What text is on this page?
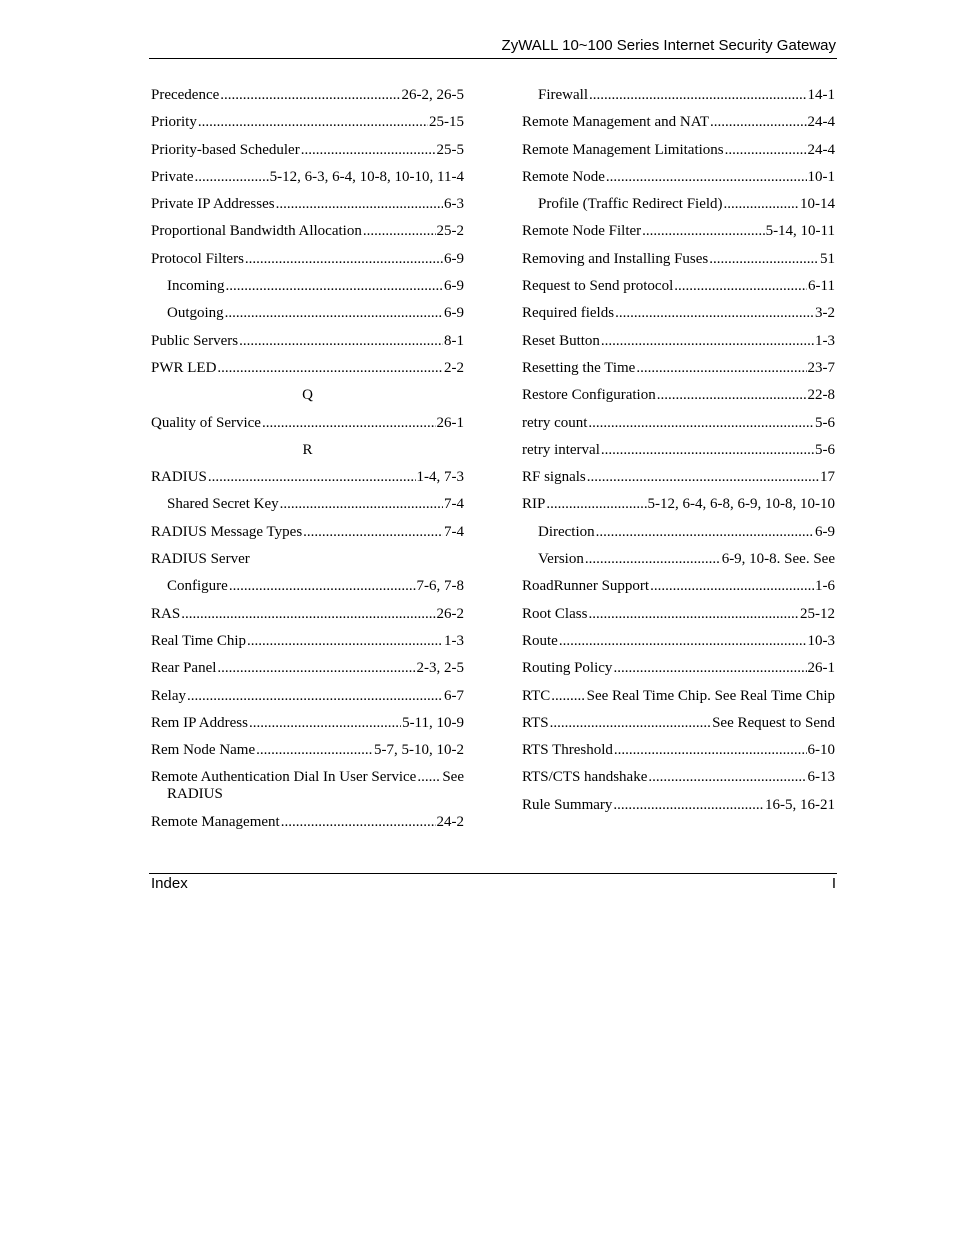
ZyWALL 10~100 Series Internet Security Gateway
Precedence .....	26-2, 26-5
Priority .....	25-15
Priority-based Scheduler .....	25-5
Private .....	5-12, 6-3, 6-4, 10-8, 10-10, 11-4
Private IP Addresses .....	6-3
Proportional Bandwidth Allocation .....	25-2
Protocol Filters .....	6-9
Incoming .....	6-9
Outgoing .....	6-9
Public Servers .....	8-1
PWR LED .....	2-2
Q
Quality of Service .....	26-1
R
RADIUS .....	1-4, 7-3
Shared Secret Key .....	7-4
RADIUS Message Types .....	7-4
RADIUS Server
Configure .....	7-6, 7-8
RAS .....	26-2
Real Time Chip .....	1-3
Rear Panel .....	2-3, 2-5
Relay .....	6-7
Rem IP Address .....	5-11, 10-9
Rem Node Name .....	5-7, 5-10, 10-2
Remote Authentication Dial In User Service ..... See
RADIUS
Remote Management .....	24-2
Firewall .....	14-1
Remote Management and NAT .....	24-4
Remote Management Limitations .....	24-4
Remote Node .....	10-1
Profile (Traffic Redirect Field) .....	10-14
Remote Node Filter .....	5-14, 10-11
Removing and Installing Fuses .....	51
Request to Send protocol .....	6-11
Required fields .....	3-2
Reset Button .....	1-3
Resetting the Time .....	23-7
Restore Configuration .....	22-8
retry count .....	5-6
retry interval .....	5-6
RF signals .....	17
RIP .....	5-12, 6-4, 6-8, 6-9, 10-8, 10-10
Direction .....	6-9
Version .....	6-9, 10-8. See. See
RoadRunner Support .....	1-6
Root Class .....	25-12
Route .....	10-3
Routing Policy .....	26-1
RTC ..... See Real Time Chip. See Real Time Chip
RTS .....	See Request to Send
RTS Threshold .....	6-10
RTS/CTS handshake .....	6-13
Rule Summary .....	16-5, 16-21
Index	I
